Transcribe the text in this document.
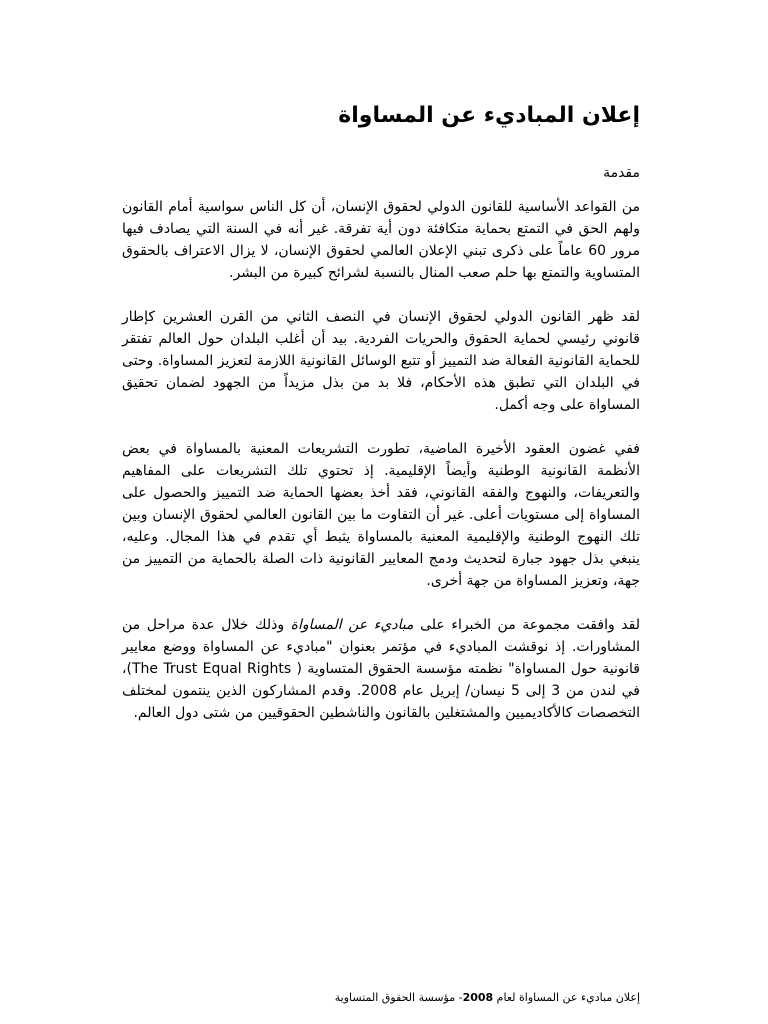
إعلان المباديء عن المساواة
مقدمة

من القواعد الأساسية للقانون الدولي لحقوق الإنسان، أن كل الناس سواسية أمام القانون ولهم الحق في التمتع بحماية متكافئة دون أية تفرقة. غير أنه في السنة التي يصادف فيها مرور 60 عاماً على ذكرى تبني الإعلان العالمي لحقوق الإنسان، لا يزال الاعتراف بالحقوق المتساوية والتمتع بها حلم صعب المنال بالنسبة لشرائح كبيرة من البشر.

لقد ظهر القانون الدولي لحقوق الإنسان في النصف الثاني من القرن العشرين كإطار قانوني رئيسي لحماية الحقوق والحريات الفردية. بيد أن أغلب البلدان حول العالم تفتقر للحماية القانونية الفعالة ضد التمييز أو تتبع الوسائل القانونية اللازمة لتعزيز المساواة. وحتى في البلدان التي تطبق هذه الأحكام، فلا بد من بذل مزيداً من الجهود لضمان تحقيق المساواة على وجه أكمل.

ففي غضون العقود الأخيرة الماضية، تطورت التشريعات المعنية بالمساواة في بعض الأنظمة القانونية الوطنية وأيضاً الإقليمية. إذ تحتوي تلك التشريعات على المفاهيم والتعريفات، والنهوج والفقه القانوني، فقد أخذ بعضها الحماية ضد التمييز والحصول على المساواة إلى مستويات أعلى. غير أن التفاوت ما بين القانون العالمي لحقوق الإنسان وبين تلك النهوج الوطنية والإقليمية المعنية بالمساواة يثبط أي تقدم في هذا المجال. وعليه، ينبغي بذل جهود جبارة لتحديث ودمج المعايير القانونية ذات الصلة بالحماية من التمييز من جهة، وتعزيز المساواة من جهة أخرى.

لقد وافقت مجموعة من الخبراء على مباديء عن المساواة وذلك خلال عدة مراحل من المشاورات. إذ نوقشت المباديء في مؤتمر بعنوان "مباديء عن المساواة ووضع معايير قانونية حول المساواة" نظمته مؤسسة الحقوق المتساوية ( The Trust Equal Rights)، في لندن من 3 إلى 5 نيسان/ إبريل عام 2008. وقدم المشاركون الذين ينتمون لمختلف التخصصات كالأكاديميين والمشتغلين بالقانون والناشطين الحقوقيين من شتى دول العالم.

إعلان مباديء عن المساواة لعام 2008- مؤسسة الحقوق المتساوية
